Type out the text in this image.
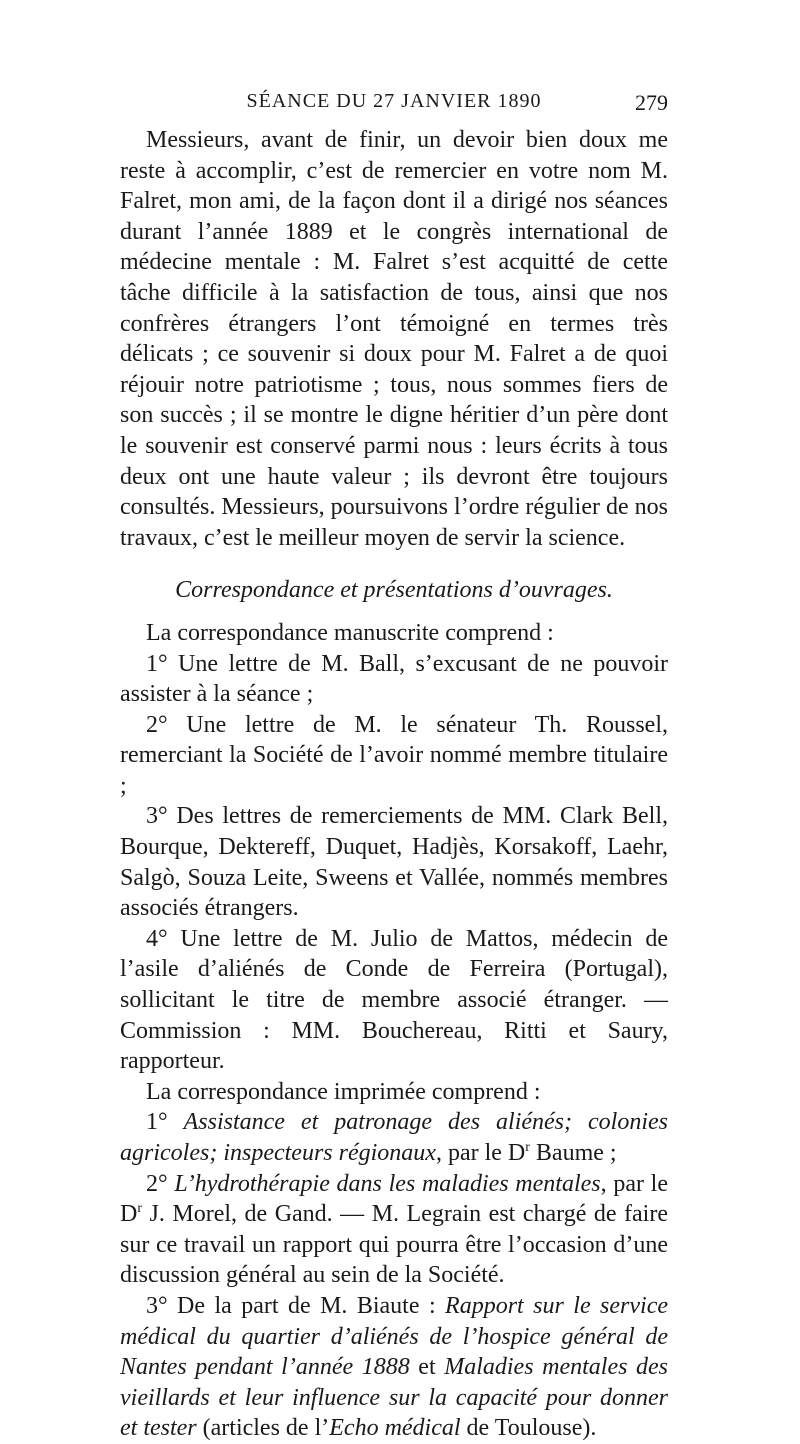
SÉANCE DU 27 JANVIER 1890	279

Messieurs, avant de finir, un devoir bien doux me reste à accomplir, c’est de remercier en votre nom M. Falret, mon ami, de la façon dont il a dirigé nos séances durant l’année 1889 et le congrès international de médecine mentale : M. Falret s’est acquitté de cette tâche difficile à la satisfaction de tous, ainsi que nos confrères étrangers l’ont témoigné en termes très délicats ; ce souvenir si doux pour M. Falret a de quoi réjouir notre patriotisme ; tous, nous sommes fiers de son succès ; il se montre le digne héritier d’un père dont le souvenir est conservé parmi nous : leurs écrits à tous deux ont une haute valeur ; ils devront être toujours consultés. Messieurs, poursuivons l’ordre régulier de nos travaux, c’est le meilleur moyen de servir la science.

Correspondance et présentations d’ouvrages.

La correspondance manuscrite comprend :

1° Une lettre de M. Ball, s’excusant de ne pouvoir assister à la séance ;

2° Une lettre de M. le sénateur Th. Roussel, remerciant la Société de l’avoir nommé membre titulaire ;

3° Des lettres de remerciements de MM. Clark Bell, Bourque, Dektereff, Duquet, Hadjès, Korsakoff, Laehr, Salgò, Souza Leite, Sweens et Vallée, nommés membres associés étrangers.

4° Une lettre de M. Julio de Mattos, médecin de l’asile d’aliénés de Conde de Ferreira (Portugal), sollicitant le titre de membre associé étranger. — Commission : MM. Bouchereau, Ritti et Saury, rapporteur.

La correspondance imprimée comprend :

1° Assistance et patronage des aliénés; colonies agricoles; inspecteurs régionaux, par le $D^r$ Baume ;

2° L’hydrothérapie dans les maladies mentales, par le $D^r$ J. Morel, de Gand. — M. Legrain est chargé de faire sur ce travail un rapport qui pourra être l’occasion d’une discussion général au sein de la Société.

3° De la part de M. Biaute : Rapport sur le service médical du quartier d’aliénés de l’hospice général de Nantes pendant l’année 1888 et Maladies mentales des vieillards et leur influence sur la capacité pour donner et tester (articles de l’Echo médical de Toulouse).
